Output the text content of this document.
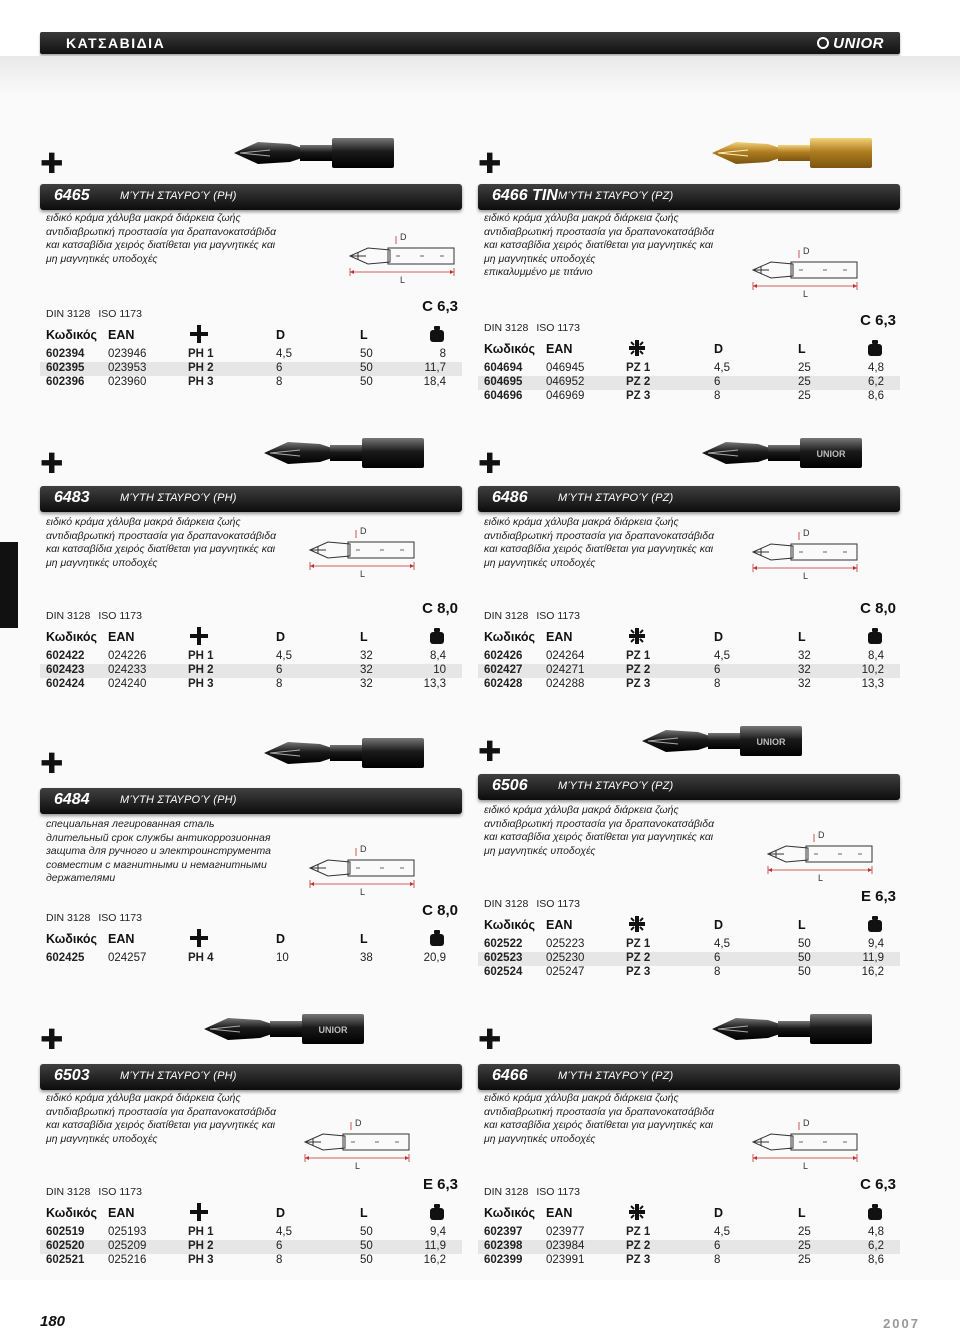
ΚΑΤΣΑΒΙΔΙΑ	UNIOR
✚
6465	ΜΎΤΗ ΣΤΑΥΡΟΎ (PH)
ειδικό κράμα χάλυβα μακρά διάρκεια ζωής
αντιδιαβρωτική προστασία για δραπανοκατσάβιδα
και κατσαβίδια χειρός διατίθεται για μαγνητικές και
μη μαγνητικές υποδοχές
D
L
DIN 3128 ISO 1173	C 6,3
Κωδικός EAN	D	L
602394 023946	PH 1	4,5	50	8
602395 023953	PH 2	6	50	11,7
602396 023960	PH 3	8	50	18,4
✚
6466 TIN ΜΎΤΗ ΣΤΑΥΡΟΎ (PZ)
ειδικό κράμα χάλυβα μακρά διάρκεια ζωής
αντιδιαβρωτική προστασία για δραπανοκατσάβιδα
και κατσαβίδια χειρός διατίθεται για μαγνητικές και
μη μαγνητικές υποδοχές
επικαλυμμένο με τιτάνιο
D
L
DIN 3128 ISO 1173	C 6,3
Κωδικός EAN	D	L
604694 046945	PZ 1	4,5	25	4,8
604695 046952	PZ 2	6	25	6,2
604696 046969	PZ 3	8	25	8,6
✚
6483	ΜΎΤΗ ΣΤΑΥΡΟΎ (PH)
ειδικό κράμα χάλυβα μακρά διάρκεια ζωής
αντιδιαβρωτική προστασία για δραπανοκατσάβιδα
και κατσαβίδια χειρός διατίθεται για μαγνητικές και
μη μαγνητικές υποδοχές
D
L
DIN 3128 ISO 1173	C 8,0
Κωδικός EAN	D	L
602422 024226	PH 1	4,5	32	8,4
602423 024233	PH 2	6	32	10
602424 024240	PH 3	8	32	13,3
✚	UNIOR
6486	ΜΎΤΗ ΣΤΑΥΡΟΎ (PZ)
ειδικό κράμα χάλυβα μακρά διάρκεια ζωής
αντιδιαβρωτική προστασία για δραπανοκατσάβιδα
και κατσαβίδια χειρός διατίθεται για μαγνητικές και
μη μαγνητικές υποδοχές
D
L
DIN 3128 ISO 1173	C 8,0
Κωδικός EAN	D	L
602426 024264	PZ 1	4,5	32	8,4
602427 024271	PZ 2	6	32	10,2
602428 024288	PZ 3	8	32	13,3
✚
6484	ΜΎΤΗ ΣΤΑΥΡΟΎ (PH)
специальная легированная сталь
длительный срок службы антикоррозионная
защита для ручного и электроинструмента
совместим с магнитными и немагнитными
держателями
D
L
DIN 3128 ISO 1173	C 8,0
Κωδικός EAN	D	L
602425 024257	PH 4	10	38	20,9
✚	UNIOR
6506	ΜΎΤΗ ΣΤΑΥΡΟΎ (PZ)
ειδικό κράμα χάλυβα μακρά διάρκεια ζωής
αντιδιαβρωτική προστασία για δραπανοκατσάβιδα
και κατσαβίδια χειρός διατίθεται για μαγνητικές και
μη μαγνητικές υποδοχές
D
L
DIN 3128 ISO 1173	E 6,3
Κωδικός EAN	D	L
602522 025223	PZ 1	4,5	50	9,4
602523 025230	PZ 2	6	50	11,9
602524 025247	PZ 3	8	50	16,2
✚	UNIOR
6503	ΜΎΤΗ ΣΤΑΥΡΟΎ (PH)
ειδικό κράμα χάλυβα μακρά διάρκεια ζωής
αντιδιαβρωτική προστασία για δραπανοκατσάβιδα
και κατσαβίδια χειρός διατίθεται για μαγνητικές και
μη μαγνητικές υποδοχές
D
L
DIN 3128 ISO 1173	E 6,3
Κωδικός EAN	D	L
602519 025193	PH 1	4,5	50	9,4
602520 025209	PH 2	6	50	11,9
602521 025216	PH 3	8	50	16,2
✚
6466	ΜΎΤΗ ΣΤΑΥΡΟΎ (PZ)
ειδικό κράμα χάλυβα μακρά διάρκεια ζωής
αντιδιαβρωτική προστασία για δραπανοκατσάβιδα
και κατσαβίδια χειρός διατίθεται για μαγνητικές και
μη μαγνητικές υποδοχές
D
L
DIN 3128 ISO 1173	C 6,3
Κωδικός EAN	D	L
602397 023977	PZ 1	4,5	25	4,8
602398 023984	PZ 2	6	25	6,2
602399 023991	PZ 3	8	25	8,6
180	2007
